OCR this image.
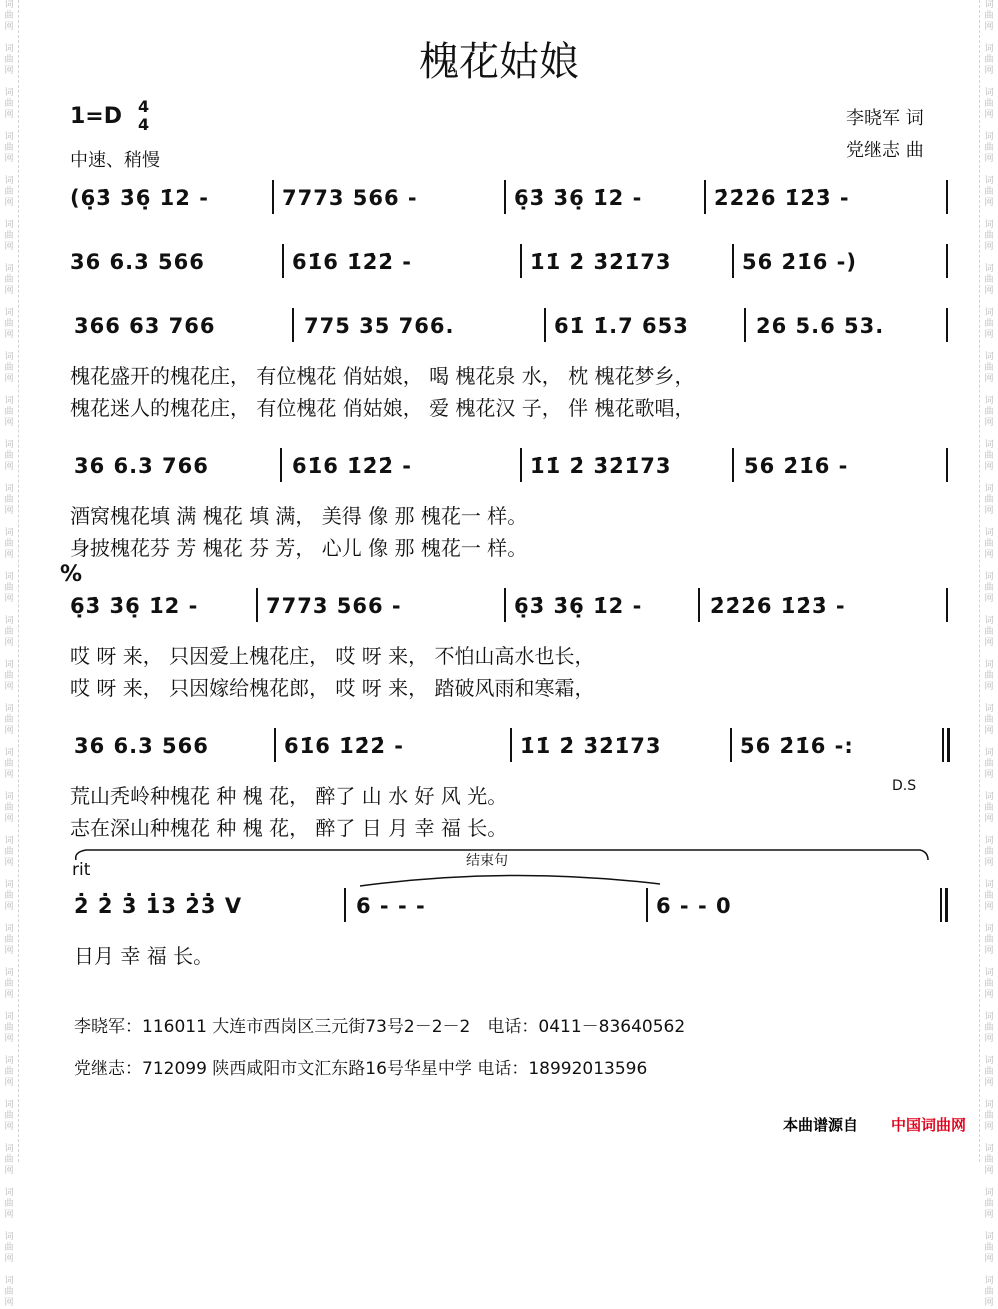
词
曲
网

词
曲
网

词
曲
网

词
曲
网

词
曲
网

词
曲
网

词
曲
网

词
曲
网

词
曲
网

词
曲
网

词
曲
网

词
曲
网

词
曲
网

词
曲
网

词
曲
网

词
曲
网

词
曲
网

词
曲
网

词
曲
网

词
曲
网

词
曲
网

词
曲
网

词
曲
网

词
曲
网

词
曲
网

词
曲
网

词
曲
网

词
曲
网

词
曲
网

词
曲
网

词
曲
网

词
曲
网

词
曲
网

词
曲
网

词
曲
网

词
曲
网

词
曲
网

词
曲
网

词
曲
网

词
曲
网

词
曲
网

词
曲
网

词
曲
网

词
曲
网

词
曲
网

词
曲
网

词
曲
网

词
曲
网

词
曲
网

词
曲
网

词
曲
网

词
曲
网

词
曲
网

词
曲
网

词
曲
网

词
曲
网

词
曲
网

词
曲
网

词
曲
网

词
曲
网

槐花姑娘
1=D 4
4
中速、稍慢
李晓军 词
党继志 曲
(6̣3̇ 3̇6̣ 1̇2 -	7773 566 -	6̣3̇ 3̇6̣ 1̇2 -	2̇2̇2̇6 1̇2̇3̇ -
36 6.3 566	61̇6 1̇2̇2̇ -	1̇1̇ 2̇ 3̇2̇1̇73	56 2̇1̇6 -)
366 63 766	775 35 766.	61̇ 1̇.7 653	26 5.6 53.
槐花盛开的槐花庄， 有位槐花 俏姑娘， 喝 槐花泉 水， 枕 槐花梦乡，
槐花迷人的槐花庄， 有位槐花 俏姑娘， 爱 槐花汉 子， 伴 槐花歌唱，
36 6.3 766	61̇6 1̇2̇2̇ -	1̇1̇ 2̇ 3̇2̇1̇73	56 2̇1̇6 -
酒窝槐花填 满 槐花 填 满， 美得 像 那 槐花一 样。
身披槐花芬 芳 槐花 芬 芳， 心儿 像 那 槐花一 样。
%
6̣3̇ 3̇6̣ 1̇2 -	7773 566 -	6̣3̇ 3̇6̣ 1̇2 -	2̇2̇2̇6 1̇2̇3̇ -
哎 呀 来， 只因爱上槐花庄， 哎 呀 来， 不怕山高水也长，
哎 呀 来， 只因嫁给槐花郎， 哎 呀 来， 踏破风雨和寒霜，
36 6.3 566	61̇6 1̇2̇2̇ -	1̇1̇ 2̇ 3̇2̇1̇73	56 2̇1̇6 -:
荒山秃岭种槐花 种 槐 花， 醉了 山 水 好 风 光。
志在深山种槐花 种 槐 花， 醉了 日 月 幸 福 长。
D.S
rit	结束句
2̇ 2̇ 3̇ 1̇3 2̇3̇ V	6 - - -	6 - - 0
日月 幸 福 长。
李晓军：116011 大连市西岗区三元街73号2－2－2　电话：0411－83640562
党继志：712099 陕西咸阳市文汇东路16号华星中学 电话：18992013596
本曲谱源自 中国词曲网
